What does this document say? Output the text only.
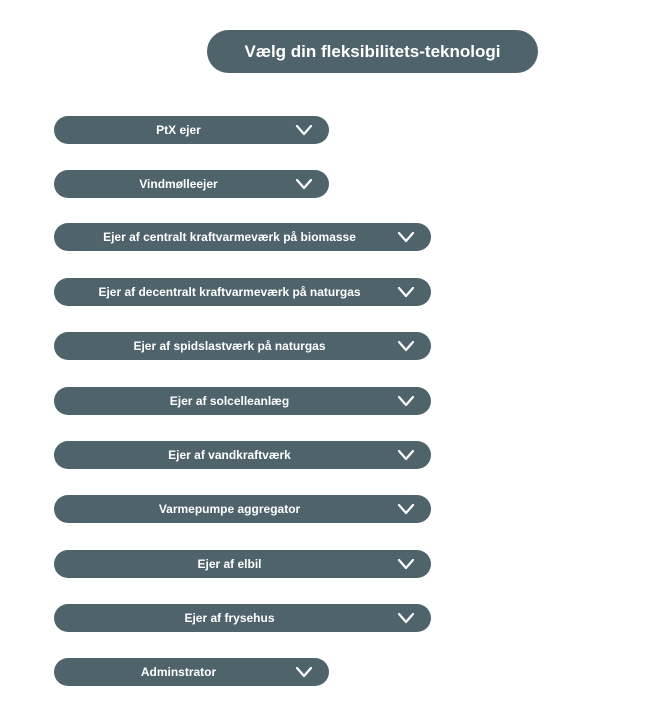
Vælg din fleksibilitets-teknologi
PtX ejer
Vindmølleejer
Ejer af centralt kraftvarmeværk på biomasse
Ejer af decentralt kraftvarmeværk på naturgas
Ejer af spidslastværk på naturgas
Ejer af solcelleanlæg
Ejer af vandkraftværk
Varmepumpe aggregator
Ejer af elbil
Ejer af frysehus
Adminstrator
